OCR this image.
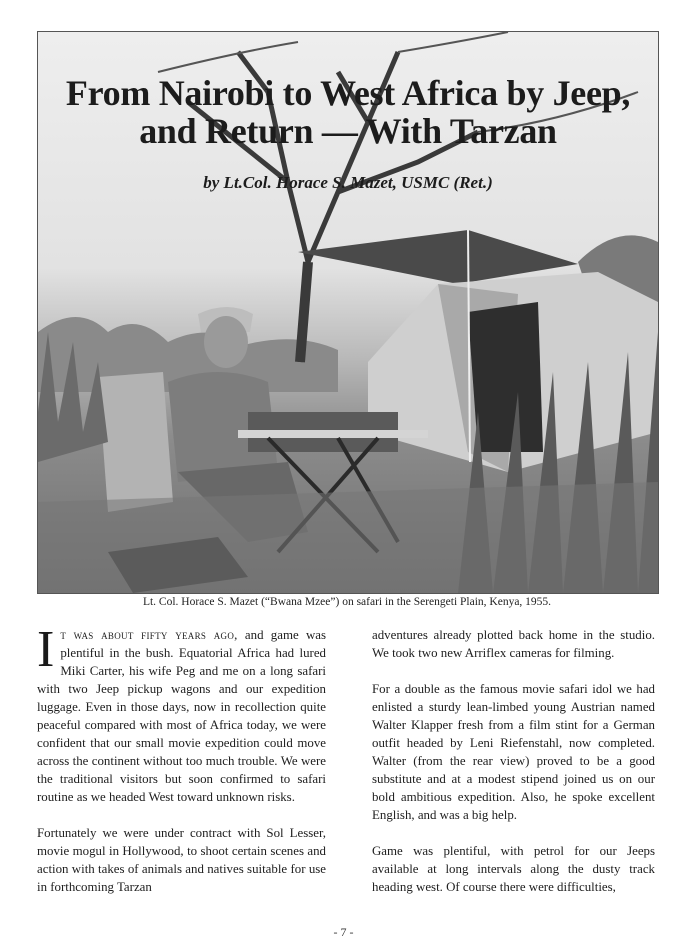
From Nairobi to West Africa by Jeep,
and Return — With Tarzan
by Lt.Col. Horace S. Mazet, USMC (Ret.)
Lt. Col. Horace S. Mazet (“Bwana Mzee”) on safari in the Serengeti Plain, Kenya, 1955.

It was about fifty years ago, and game was plentiful in the bush. Equatorial Africa had lured Miki Carter, his wife Peg and me on a long safari with two Jeep pickup wagons and our expedition luggage. Even in those days, now in recollection quite peaceful compared with most of Africa today, we were confident that our small movie expedition could move across the continent without too much trouble. We were the traditional visitors but soon confirmed to safari routine as we headed West toward unknown risks.

Fortunately we were under contract with Sol Lesser, movie mogul in Hollywood, to shoot certain scenes and action with takes of animals and natives suitable for use in forthcoming Tarzan

adventures already plotted back home in the studio. We took two new Arriflex cameras for filming.

For a double as the famous movie safari idol we had enlisted a sturdy lean-limbed young Austrian named Walter Klapper fresh from a film stint for a German outfit headed by Leni Riefenstahl, now completed. Walter (from the rear view) proved to be a good substitute and at a modest stipend joined us on our bold ambitious expedition. Also, he spoke excellent English, and was a big help.

Game was plentiful, with petrol for our Jeeps available at long intervals along the dusty track heading west. Of course there were difficulties,

- 7 -
